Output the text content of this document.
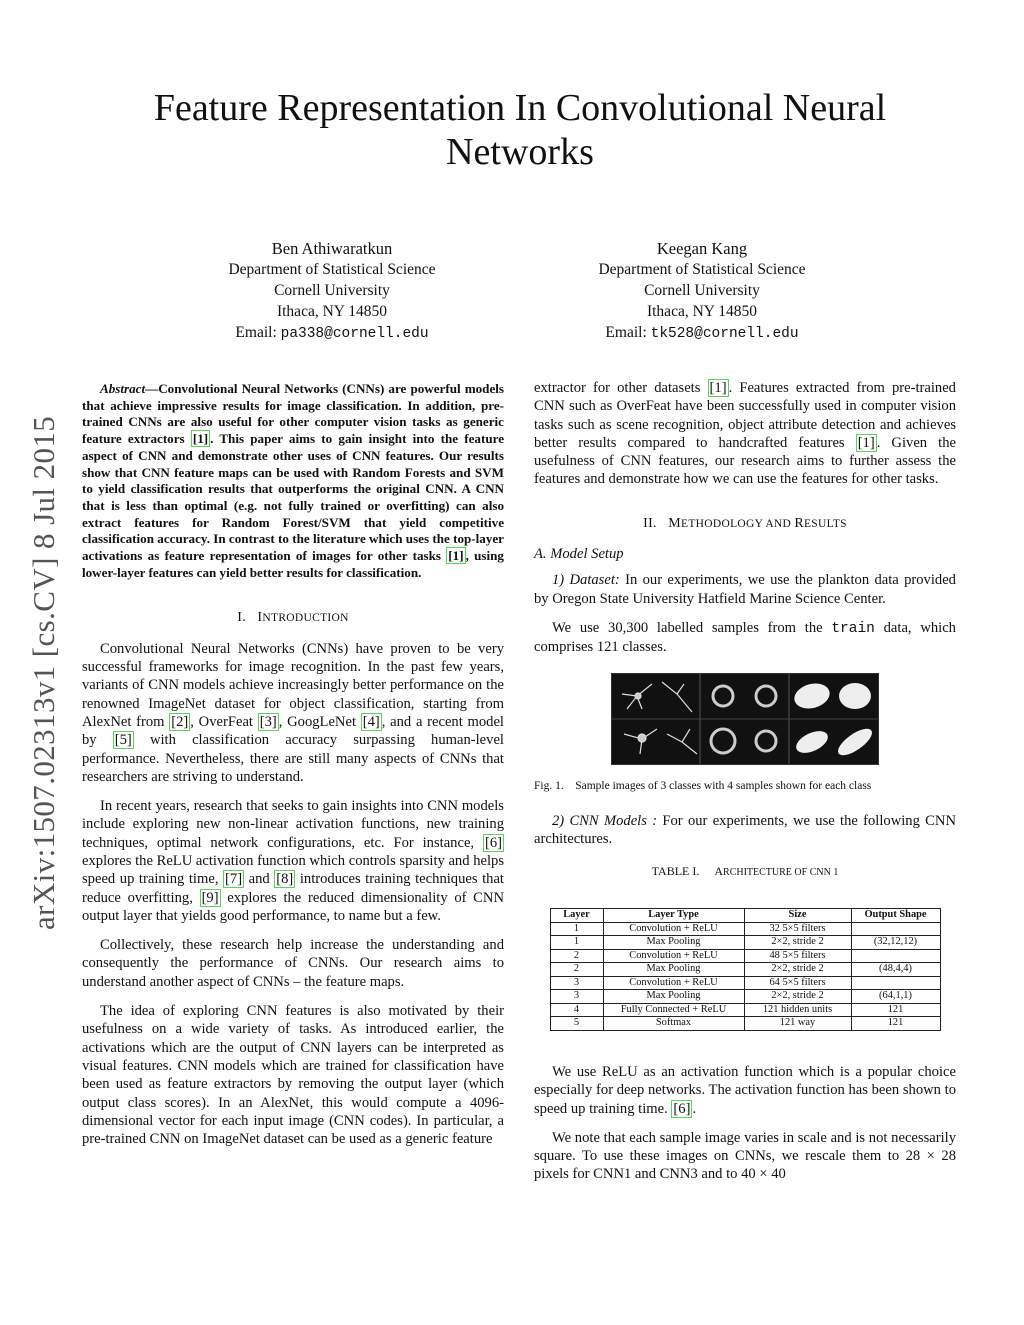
arXiv:1507.02313v1 [cs.CV] 8 Jul 2015
Feature Representation In Convolutional Neural Networks
Ben Athiwaratkun
Department of Statistical Science
Cornell University
Ithaca, NY 14850
Email: pa338@cornell.edu
Keegan Kang
Department of Statistical Science
Cornell University
Ithaca, NY 14850
Email: tk528@cornell.edu

Abstract—Convolutional Neural Networks (CNNs) are powerful models that achieve impressive results for image classification. In addition, pre-trained CNNs are also useful for other computer vision tasks as generic feature extractors [1] . This paper aims to gain insight into the feature aspect of CNN and demonstrate other uses of CNN features. Our results show that CNN feature maps can be used with Random Forests and SVM to yield classification results that outperforms the original CNN. A CNN that is less than optimal (e.g. not fully trained or overfitting) can also extract features for Random Forest/SVM that yield competitive classification accuracy. In contrast to the literature which uses the top-layer activations as feature representation of images for other tasks [1] , using lower-layer features can yield better results for classification.

I. INTRODUCTION

Convolutional Neural Networks (CNNs) have proven to be very successful frameworks for image recognition. In the past few years, variants of CNN models achieve increasingly better performance on the renowned ImageNet dataset for object classification, starting from AlexNet from [2] , OverFeat [3] , GoogLeNet [4] , and a recent model by [5] with classification accuracy surpassing human-level performance. Nevertheless, there are still many aspects of CNNs that researchers are striving to understand.

In recent years, research that seeks to gain insights into CNN models include exploring new non-linear activation functions, new training techniques, optimal network configurations, etc. For instance, [6] explores the ReLU activation function which controls sparsity and helps speed up training time, [7] and [8] introduces training techniques that reduce overfitting, [9] explores the reduced dimensionality of CNN output layer that yields good performance, to name but a few.

Collectively, these research help increase the understanding and consequently the performance of CNNs. Our research aims to understand another aspect of CNNs – the feature maps.

The idea of exploring CNN features is also motivated by their usefulness on a wide variety of tasks. As introduced earlier, the activations which are the output of CNN layers can be interpreted as visual features. CNN models which are trained for classification have been used as feature extractors by removing the output layer (which output class scores). In an AlexNet, this would compute a 4096-dimensional vector for each input image (CNN codes). In particular, a pre-trained CNN on ImageNet dataset can be used as a generic feature

extractor for other datasets [1] . Features extracted from pre-trained CNN such as OverFeat have been successfully used in computer vision tasks such as scene recognition, object attribute detection and achieves better results compared to handcrafted features [1] . Given the usefulness of CNN features, our research aims to further assess the features and demonstrate how we can use the features for other tasks.

II. METHODOLOGY AND RESULTS
A. Model Setup

1) Dataset: In our experiments, we use the plankton data provided by Oregon State University Hatfield Marine Science Center.

We use 30,300 labelled samples from the train data, which comprises 121 classes.

Fig. 1. Sample images of 3 classes with 4 samples shown for each class

2) CNN Models : For our experiments, we use the following CNN architectures.

TABLE I. ARCHITECTURE OF CNN 1
Layer	Layer Type	Size	Output Shape
1	Convolution + ReLU	32 5×5 filters	
1	Max Pooling	2×2, stride 2	(32,12,12)
2	Convolution + ReLU	48 5×5 filters	
2	Max Pooling	2×2, stride 2	(48,4,4)
3	Convolution + ReLU	64 5×5 filters	
3	Max Pooling	2×2, stride 2	(64,1,1)
4	Fully Connected + ReLU	121 hidden units	121
5	Softmax	121 way	121

We use ReLU as an activation function which is a popular choice especially for deep networks. The activation function has been shown to speed up training time. [6] .

We note that each sample image varies in scale and is not necessarily square. To use these images on CNNs, we rescale them to 28 × 28 pixels for CNN1 and CNN3 and to 40 × 40
